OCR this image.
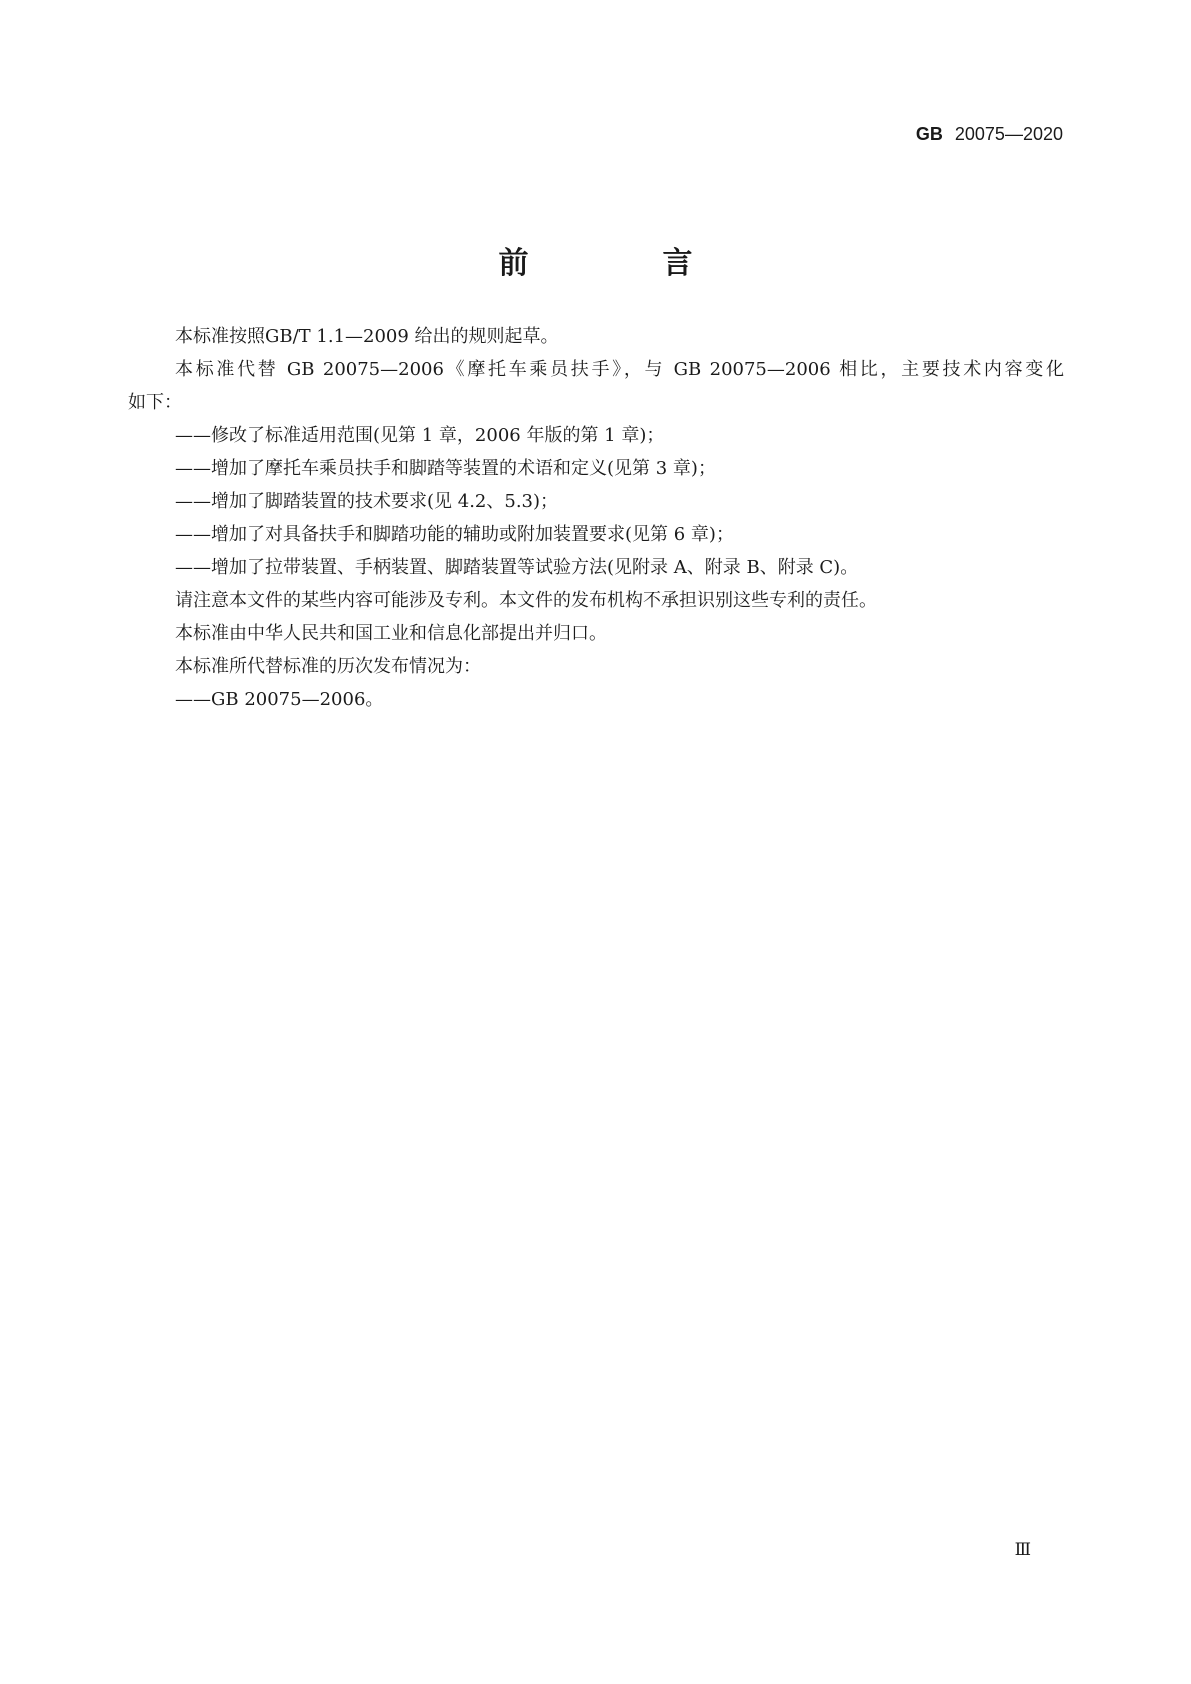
GB 20075—2020
前　言

本标准按照GB/T 1.1—2009 给出的规则起草。

本标准代替 GB 20075—2006《摩托车乘员扶手》，与 GB 20075—2006 相比，主要技术内容变化

如下：

——修改了标准适用范围(见第 1 章，2006 年版的第 1 章)；

——增加了摩托车乘员扶手和脚踏等装置的术语和定义(见第 3 章)；

——增加了脚踏装置的技术要求(见 4.2、5.3)；

——增加了对具备扶手和脚踏功能的辅助或附加装置要求(见第 6 章)；

——增加了拉带装置、手柄装置、脚踏装置等试验方法(见附录 A、附录 B、附录 C)。

请注意本文件的某些内容可能涉及专利。本文件的发布机构不承担识别这些专利的责任。

本标准由中华人民共和国工业和信息化部提出并归口。

本标准所代替标准的历次发布情况为：

——GB 20075—2006。

Ⅲ
